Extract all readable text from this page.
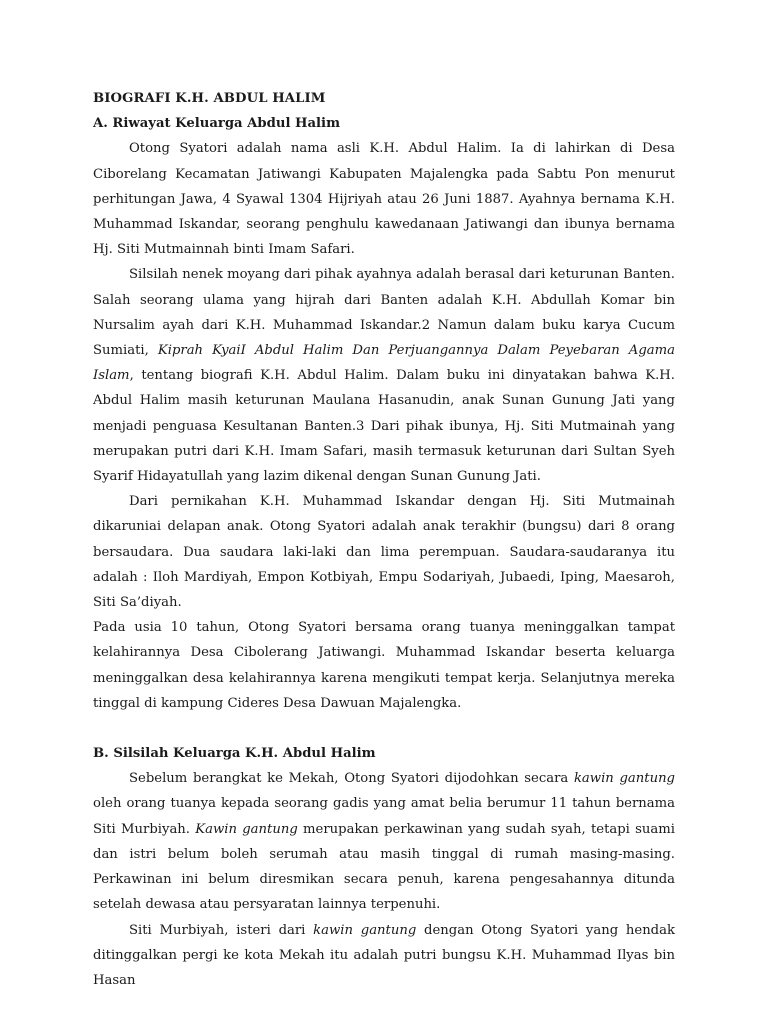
BIOGRAFI K.H. ABDUL HALIM

A. Riwayat Keluarga Abdul Halim

Otong Syatori adalah nama asli K.H. Abdul Halim. Ia di lahirkan di Desa Ciborelang Kecamatan Jatiwangi Kabupaten Majalengka pada Sabtu Pon menurut perhitungan Jawa, 4 Syawal 1304 Hijriyah atau 26 Juni 1887. Ayahnya bernama K.H. Muhammad Iskandar, seorang penghulu kawedanaan Jatiwangi dan ibunya bernama Hj. Siti Mutmainnah binti Imam Safari.

Silsilah nenek moyang dari pihak ayahnya adalah berasal dari keturunan Banten. Salah seorang ulama yang hijrah dari Banten adalah K.H. Abdullah Komar bin Nursalim ayah dari K.H. Muhammad Iskandar.2 Namun dalam buku karya Cucum Sumiati, Kiprah KyaiI Abdul Halim Dan Perjuangannya Dalam Peyebaran Agama Islam, tentang biografi K.H. Abdul Halim. Dalam buku ini dinyatakan bahwa K.H. Abdul Halim masih keturunan Maulana Hasanudin, anak Sunan Gunung Jati yang menjadi penguasa Kesultanan Banten.3 Dari pihak ibunya, Hj. Siti Mutmainah yang merupakan putri dari K.H. Imam Safari, masih termasuk keturunan dari Sultan Syeh Syarif Hidayatullah yang lazim dikenal dengan Sunan Gunung Jati.

Dari pernikahan K.H. Muhammad Iskandar dengan Hj. Siti Mutmainah dikaruniai delapan anak. Otong Syatori adalah anak terakhir (bungsu) dari 8 orang bersaudara. Dua saudara laki-laki dan lima perempuan. Saudara-saudaranya itu adalah : Iloh Mardiyah, Empon Kotbiyah, Empu Sodariyah, Jubaedi, Iping, Maesaroh, Siti Sa’diyah.

Pada usia 10 tahun, Otong Syatori bersama orang tuanya meninggalkan tampat kelahirannya Desa Cibolerang Jatiwangi. Muhammad Iskandar beserta keluarga meninggalkan desa kelahirannya karena mengikuti tempat kerja. Selanjutnya mereka tinggal di kampung Cideres Desa Dawuan Majalengka.

B. Silsilah Keluarga K.H. Abdul Halim

Sebelum berangkat ke Mekah, Otong Syatori dijodohkan secara kawin gantung oleh orang tuanya kepada seorang gadis yang amat belia berumur 11 tahun bernama Siti Murbiyah. Kawin gantung merupakan perkawinan yang sudah syah, tetapi suami dan istri belum boleh serumah atau masih tinggal di rumah masing-masing. Perkawinan ini belum diresmikan secara penuh, karena pengesahannya ditunda setelah dewasa atau persyaratan lainnya terpenuhi.

Siti Murbiyah, isteri dari kawin gantung dengan Otong Syatori yang hendak ditinggalkan pergi ke kota Mekah itu adalah putri bungsu K.H. Muhammad Ilyas bin Hasan
